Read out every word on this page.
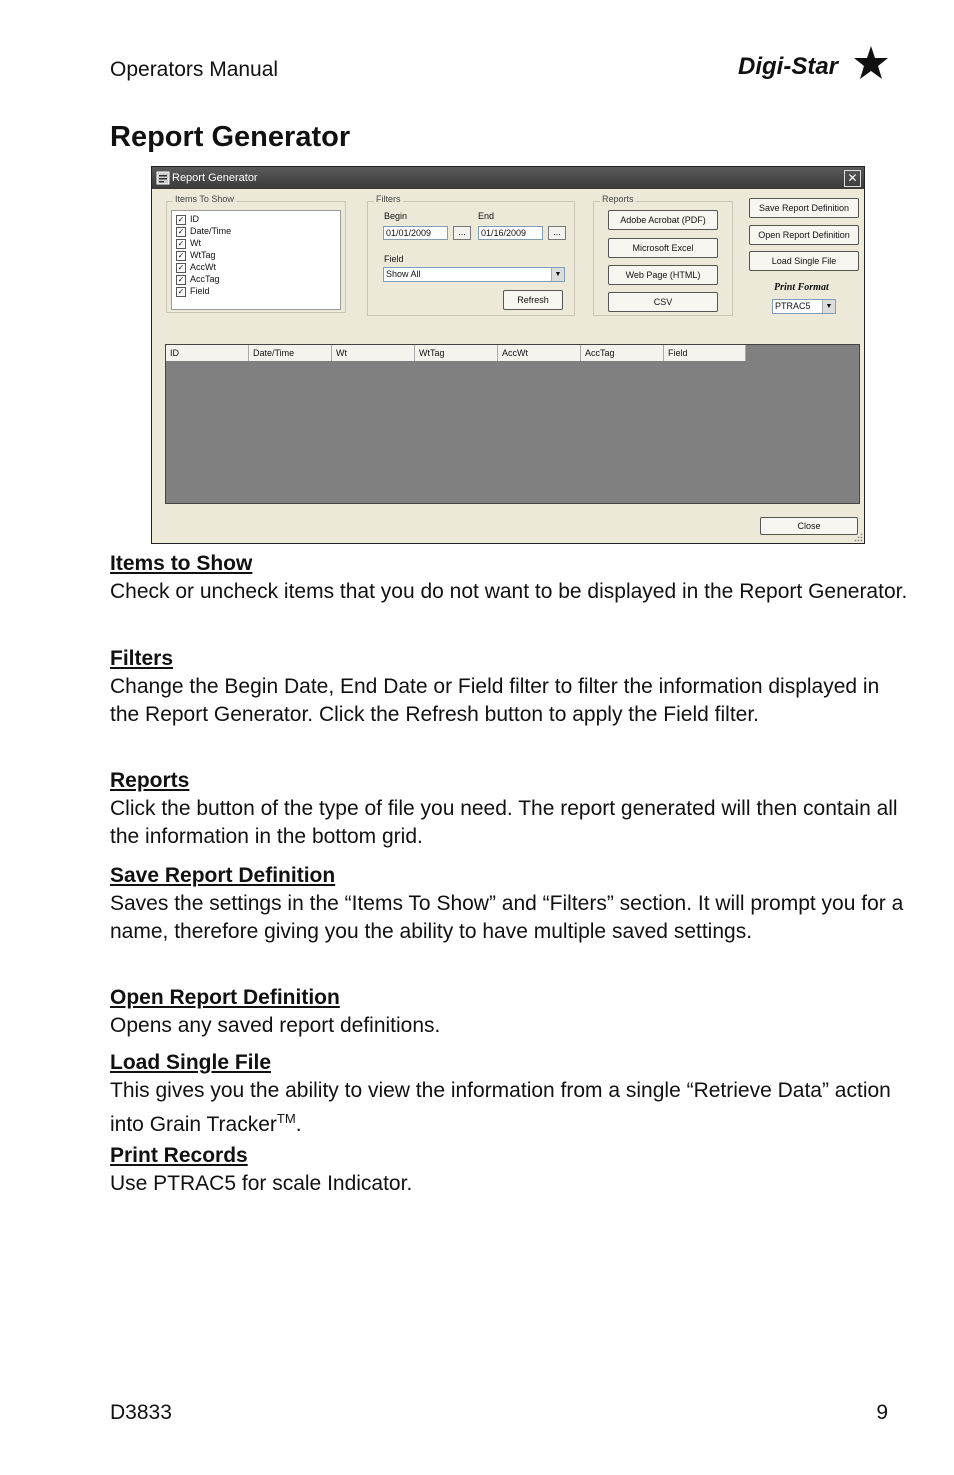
Operators Manual	Digi-Star
Report Generator
Report Generator	✕
Items To Show
✓ ID
✓ Date/Time
✓ Wt
✓ WtTag
✓ AccWt
✓ AccTag
✓ Field
Filters
Begin	End
01/01/2009	...	01/16/2009	...
Field
Show All	▼
Refresh
Reports
Adobe Acrobat (PDF)
Microsoft Excel
Web Page (HTML)
CSV
Save Report Definition
Open Report Definition
Load Single File
Print Format
PTRAC5	▼
ID	Date/Time	Wt	WtTag	AccWt	AccTag	Field
Close

Items to Show

Check or uncheck items that you do not want to be displayed in the Report Generator.

Filters

Change the Begin Date, End Date or Field filter to filter the information displayed in the Report Generator. Click the Refresh button to apply the Field filter.

Reports

Click the button of the type of file you need. The report generated will then contain all the information in the bottom grid.

Save Report Definition

Saves the settings in the “Items To Show” and “Filters” section. It will prompt you for a name, therefore giving you the ability to have multiple saved settings.

Open Report Definition

Opens any saved report definitions.

Load Single File

This gives you the ability to view the information from a single “Retrieve Data” action into Grain Tracker™.

Print Records

Use PTRAC5 for scale Indicator.

D3833	9
